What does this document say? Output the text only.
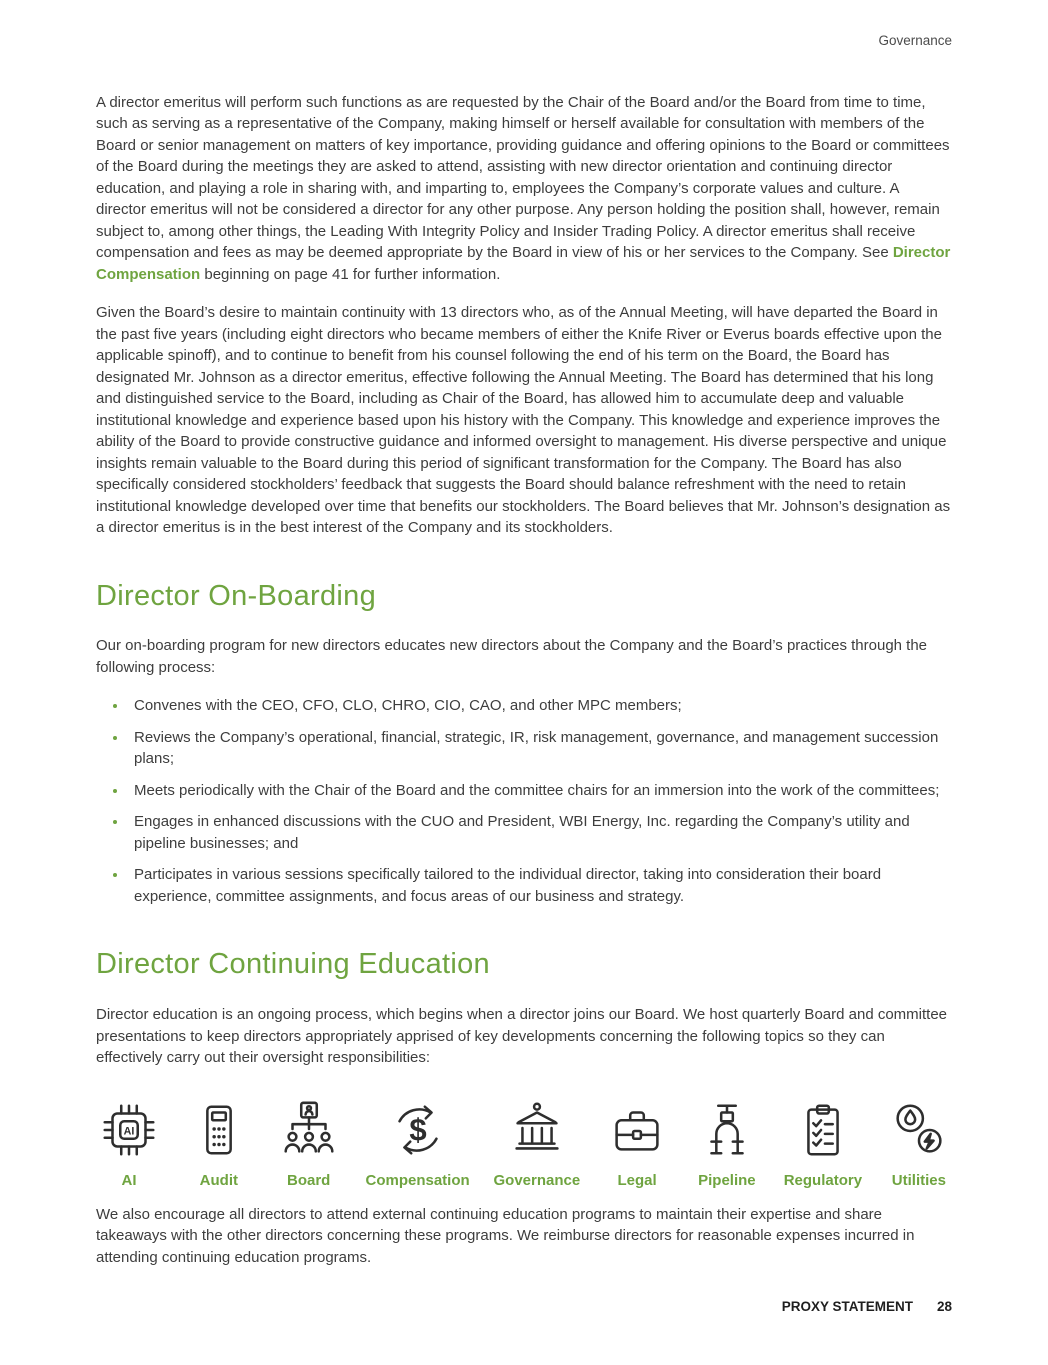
Governance

A director emeritus will perform such functions as are requested by the Chair of the Board and/or the Board from time to time, such as serving as a representative of the Company, making himself or herself available for consultation with members of the Board or senior management on matters of key importance, providing guidance and offering opinions to the Board or committees of the Board during the meetings they are asked to attend, assisting with new director orientation and continuing director education, and playing a role in sharing with, and imparting to, employees the Company’s corporate values and culture. A director emeritus will not be considered a director for any other purpose. Any person holding the position shall, however, remain subject to, among other things, the Leading With Integrity Policy and Insider Trading Policy. A director emeritus shall receive compensation and fees as may be deemed appropriate by the Board in view of his or her services to the Company. See Director Compensation beginning on page 41 for further information.

Given the Board’s desire to maintain continuity with 13 directors who, as of the Annual Meeting, will have departed the Board in the past five years (including eight directors who became members of either the Knife River or Everus boards effective upon the applicable spinoff), and to continue to benefit from his counsel following the end of his term on the Board, the Board has designated Mr. Johnson as a director emeritus, effective following the Annual Meeting. The Board has determined that his long and distinguished service to the Board, including as Chair of the Board, has allowed him to accumulate deep and valuable institutional knowledge and experience based upon his history with the Company. This knowledge and experience improves the ability of the Board to provide constructive guidance and informed oversight to management. His diverse perspective and unique insights remain valuable to the Board during this period of significant transformation for the Company. The Board has also specifically considered stockholders’ feedback that suggests the Board should balance refreshment with the need to retain institutional knowledge developed over time that benefits our stockholders. The Board believes that Mr. Johnson’s designation as a director emeritus is in the best interest of the Company and its stockholders.

Director On-Boarding

Our on-boarding program for new directors educates new directors about the Company and the Board’s practices through the following process:

• Convenes with the CEO, CFO, CLO, CHRO, CIO, CAO, and other MPC members;
• Reviews the Company’s operational, financial, strategic, IR, risk management, governance, and management succession plans;
• Meets periodically with the Chair of the Board and the committee chairs for an immersion into the work of the committees;
• Engages in enhanced discussions with the CUO and President, WBI Energy, Inc. regarding the Company’s utility and pipeline businesses; and
• Participates in various sessions specifically tailored to the individual director, taking into consideration their board experience, committee assignments, and focus areas of our business and strategy.
Director Continuing Education

Director education is an ongoing process, which begins when a director joins our Board. We host quarterly Board and committee presentations to keep directors appropriately apprised of key developments concerning the following topics so they can effectively carry out their oversight responsibilities:

AI
AI	Audit	Board
$
Compensation Governance Legal	Pipeline Regulatory Utilities

We also encourage all directors to attend external continuing education programs to maintain their expertise and share takeaways with the other directors concerning these programs. We reimburse directors for reasonable expenses incurred in attending continuing education programs.

PROXY STATEMENT 28
